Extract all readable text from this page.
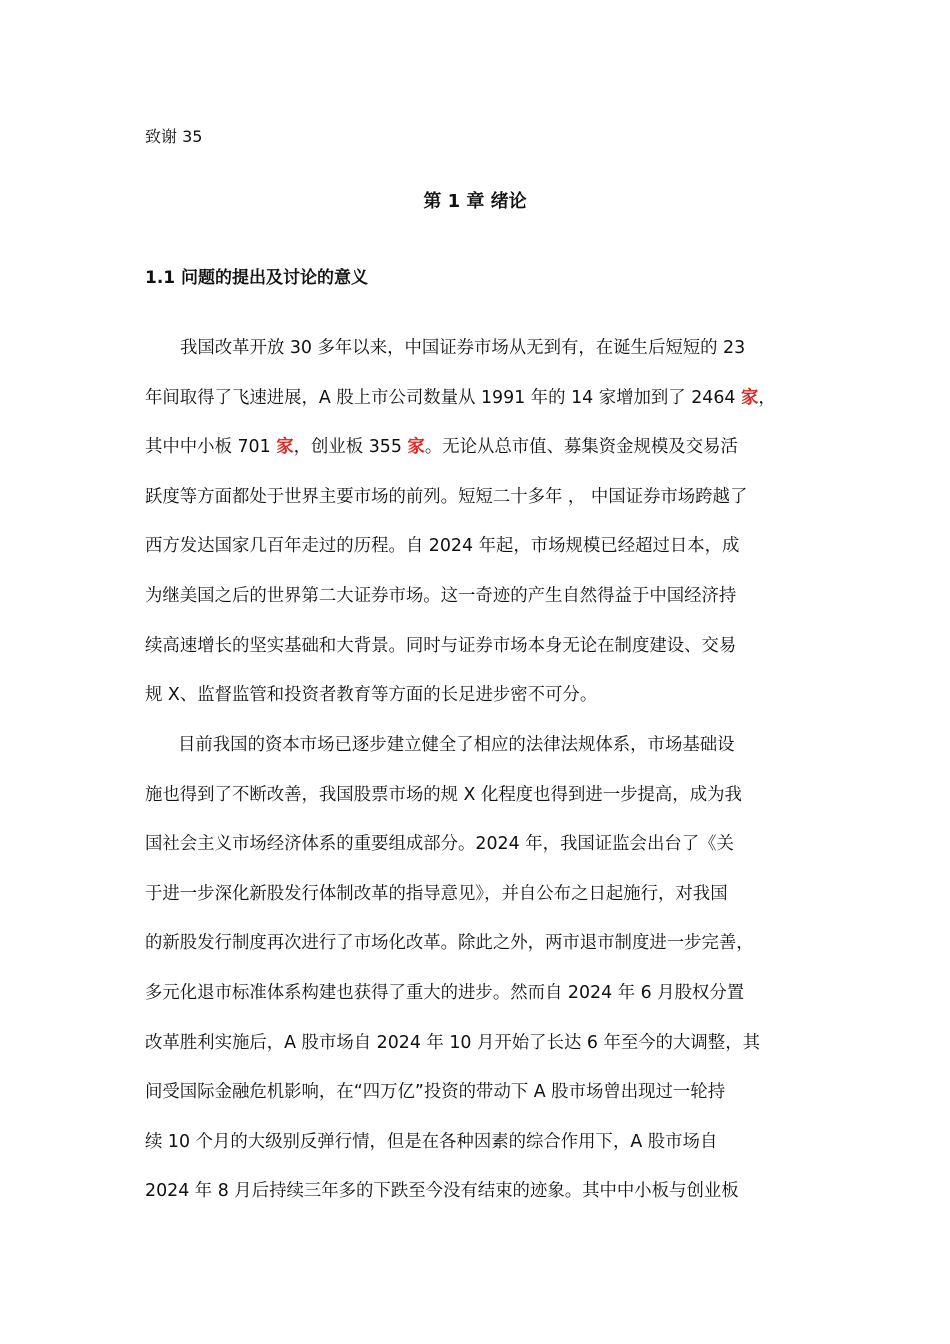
致谢 35
第 1 章 绪论
1.1 问题的提出及讨论的意义
我国改革开放 30 多年以来，中国证券市场从无到有，在诞生后短短的 23
年间取得了飞速进展，A 股上市公司数量从 1991 年的 14 家增加到了 2464 家，
其中中小板 701 家，创业板 355 家。无论从总市值、募集资金规模及交易活
跃度等方面都处于世界主要市场的前列。短短二十多年 ， 中国证券市场跨越了
西方发达国家几百年走过的历程。自 2024 年起，市场规模已经超过日本，成
为继美国之后的世界第二大证券市场。这一奇迹的产生自然得益于中国经济持
续高速增长的坚实基础和大背景。同时与证券市场本身无论在制度建设、交易
规 X、监督监管和投资者教育等方面的长足进步密不可分。
目前我国的资本市场已逐步建立健全了相应的法律法规体系，市场基础设
施也得到了不断改善，我国股票市场的规 X 化程度也得到进一步提高，成为我
国社会主义市场经济体系的重要组成部分。2024 年，我国证监会出台了《关
于进一步深化新股发行体制改革的指导意见》，并自公布之日起施行，对我国
的新股发行制度再次进行了市场化改革。除此之外，两市退市制度进一步完善，
多元化退市标准体系构建也获得了重大的进步。然而自 2024 年 6 月股权分置
改革胜利实施后，A 股市场自 2024 年 10 月开始了长达 6 年至今的大调整，其
间受国际金融危机影响，在“四万亿”投资的带动下 A 股市场曾出现过一轮持
续 10 个月的大级别反弹行情，但是在各种因素的综合作用下，A 股市场自
2024 年 8 月后持续三年多的下跌至今没有结束的迹象。其中中小板与创业板
